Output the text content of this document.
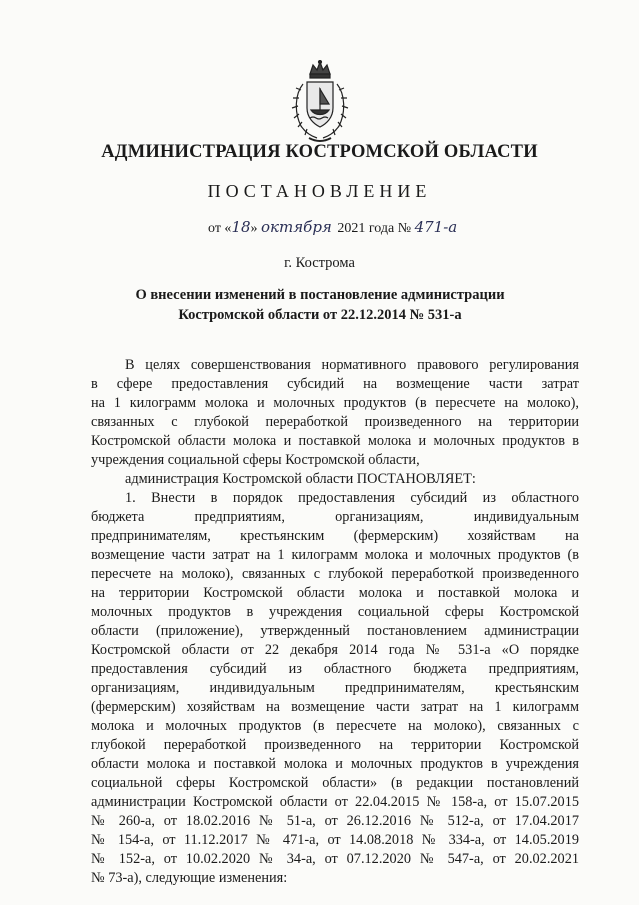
АДМИНИСТРАЦИЯ КОСТРОМСКОЙ ОБЛАСТИ
ПОСТАНОВЛЕНИЕ
от «18» октября 2021 года № 471-а
г. Кострома
О внесении изменений в постановление администрации
Костромской области от 22.12.2014 № 531-а
В целях совершенствования нормативного правового регулирования
в сфере предоставления субсидий на возмещение части затрат
на 1 килограмм молока и молочных продуктов (в пересчете на молоко),
связанных с глубокой переработкой произведенного на территории
Костромской области молока и поставкой молока и молочных продуктов в
учреждения социальной сферы Костромской области,
администрация Костромской области ПОСТАНОВЛЯЕТ:
1. Внести в порядок предоставления субсидий из областного
бюджета предприятиям, организациям, индивидуальным
предпринимателям, крестьянским (фермерским) хозяйствам на
возмещение части затрат на 1 килограмм молока и молочных продуктов (в
пересчете на молоко), связанных с глубокой переработкой произведенного
на территории Костромской области молока и поставкой молока и
молочных продуктов в учреждения социальной сферы Костромской
области (приложение), утвержденный постановлением администрации
Костромской области от 22 декабря 2014 года № 531-а «О порядке
предоставления субсидий из областного бюджета предприятиям,
организациям, индивидуальным предпринимателям, крестьянским
(фермерским) хозяйствам на возмещение части затрат на 1 килограмм
молока и молочных продуктов (в пересчете на молоко), связанных с
глубокой переработкой произведенного на территории Костромской
области молока и поставкой молока и молочных продуктов в учреждения
социальной сферы Костромской области» (в редакции постановлений
администрации Костромской области от 22.04.2015 № 158-а, от 15.07.2015
№ 260-а, от 18.02.2016 № 51-а, от 26.12.2016 № 512-а, от 17.04.2017
№ 154-а, от 11.12.2017 № 471-а, от 14.08.2018 № 334-а, от 14.05.2019
№ 152-а, от 10.02.2020 № 34-а, от 07.12.2020 № 547-а, от 20.02.2021
№ 73-а), следующие изменения:
